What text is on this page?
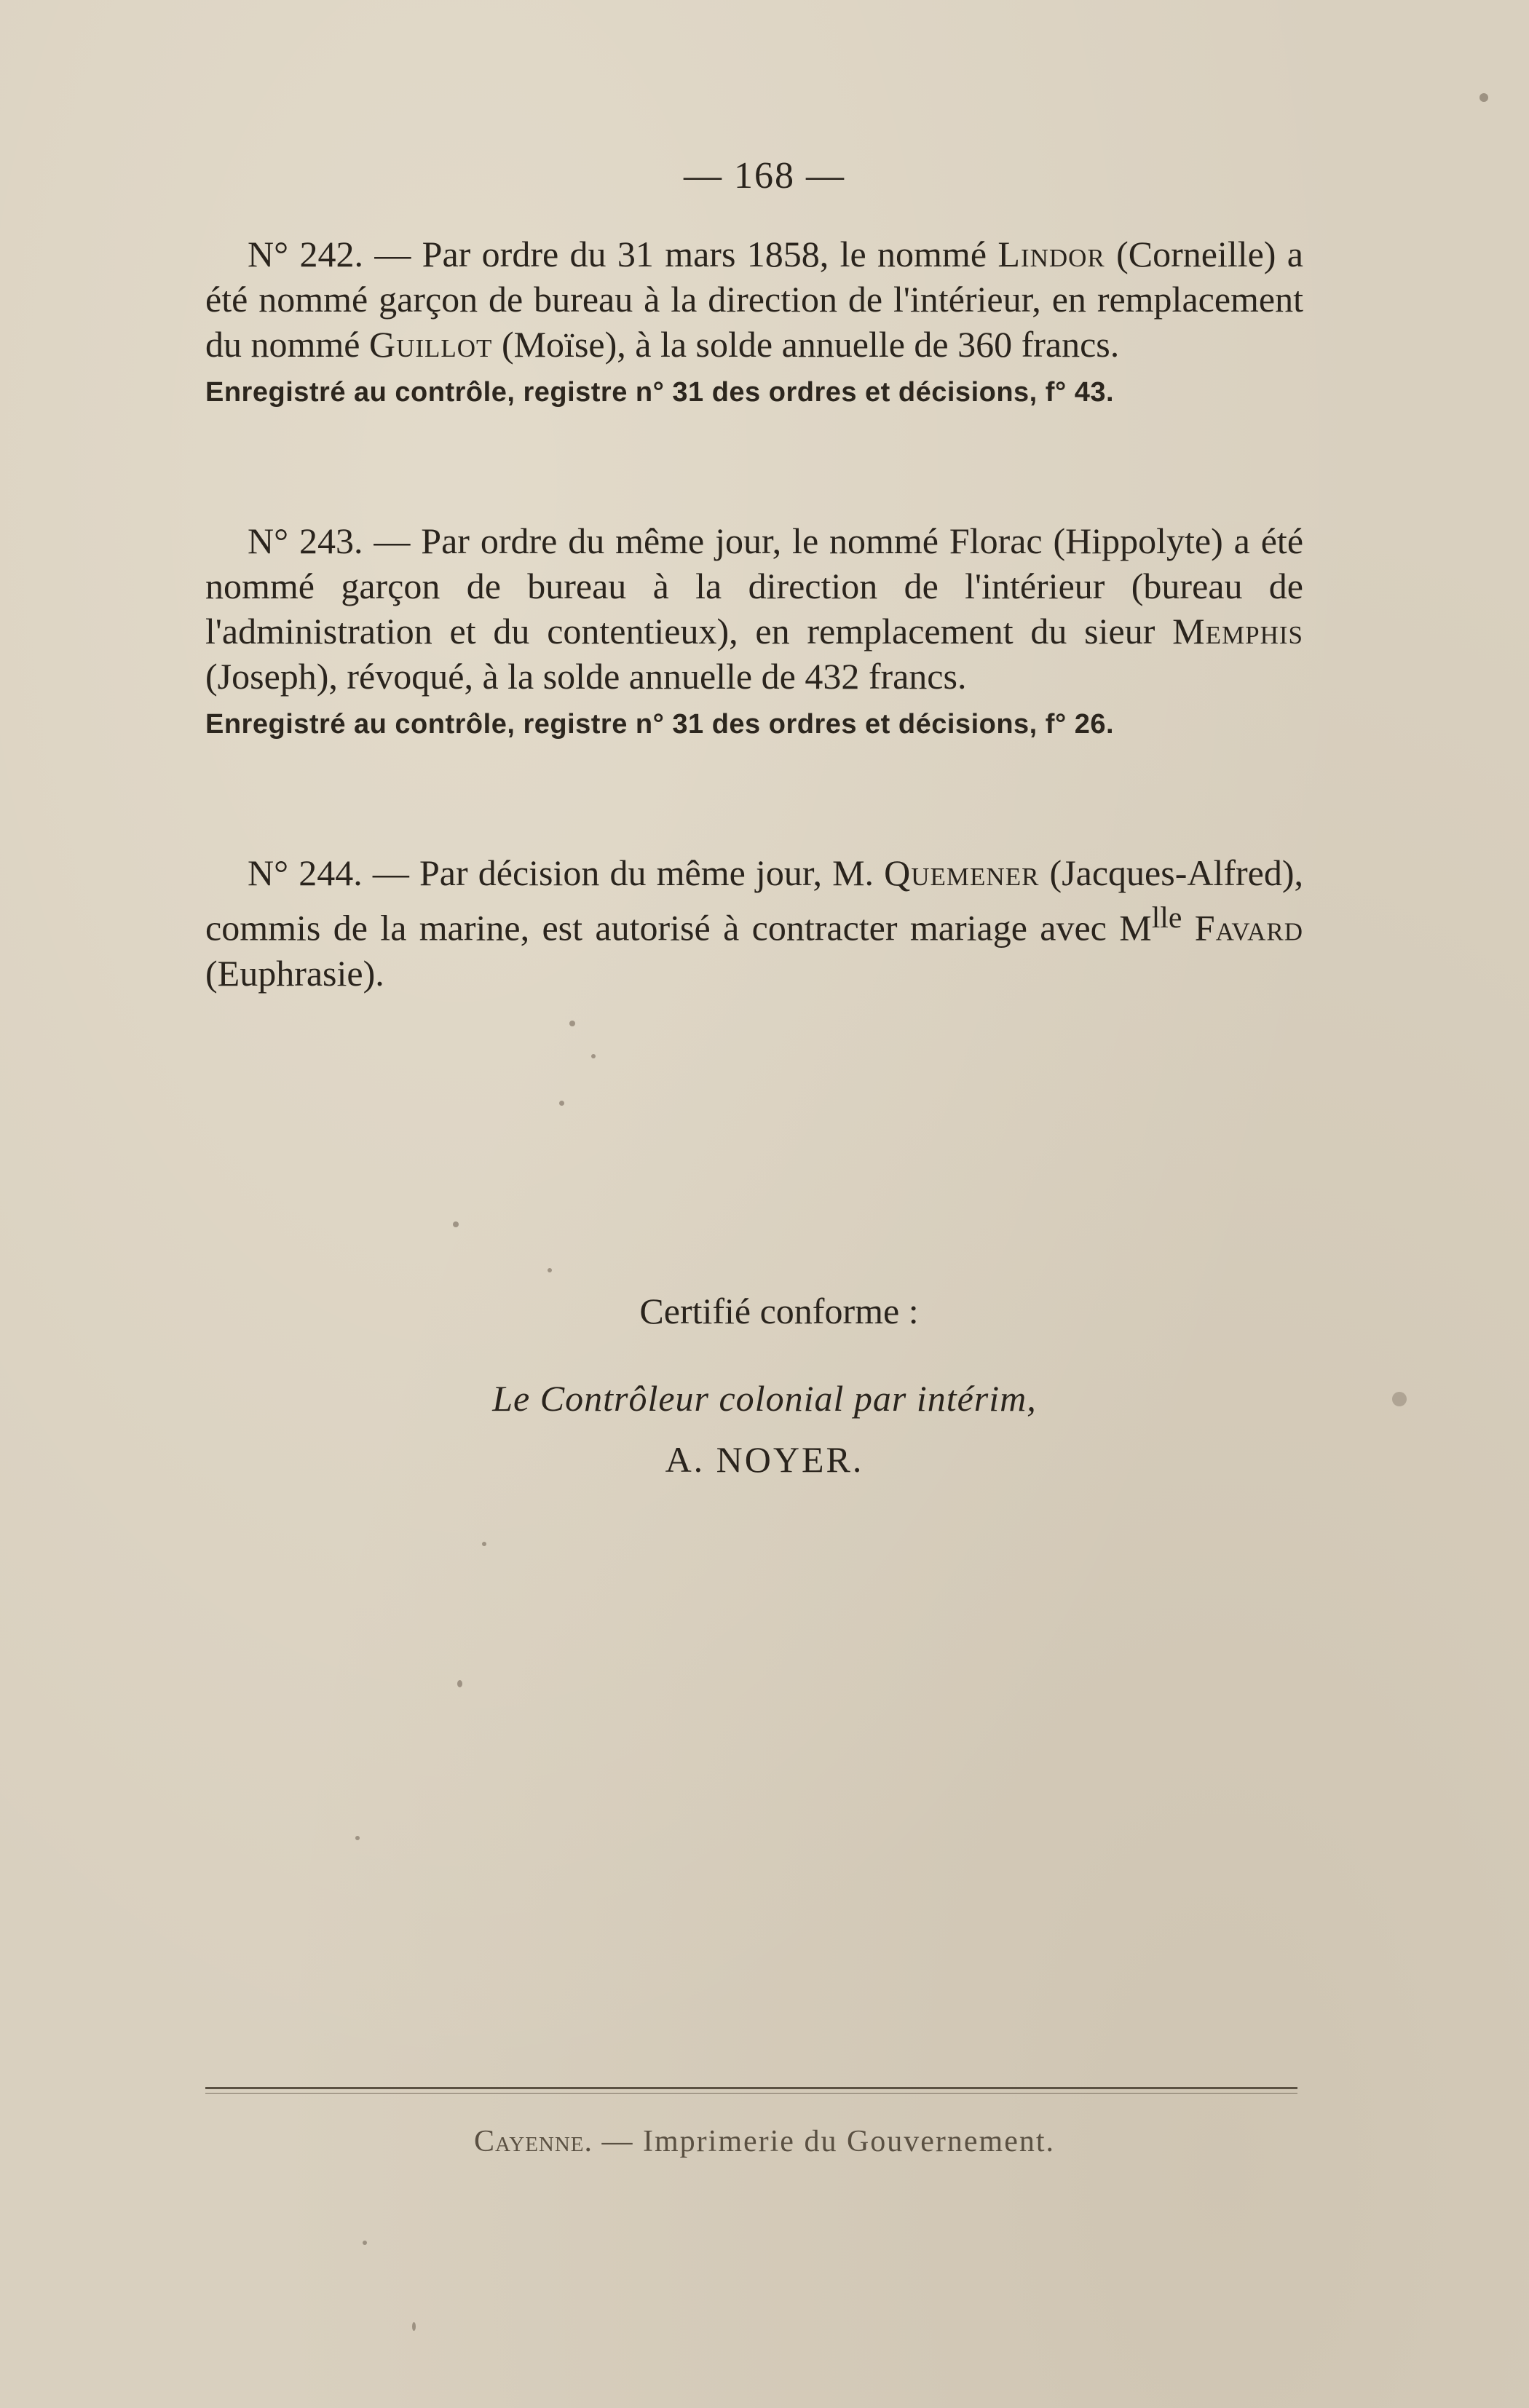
— 168 —

N° 242. — Par ordre du 31 mars 1858, le nommé Lindor (Corneille) a été nommé garçon de bureau à la direction de l'intérieur, en remplacement du nommé Guillot (Moïse), à la solde annuelle de 360 francs.

Enregistré au contrôle, registre n° 31 des ordres et décisions, f° 43.

N° 243. — Par ordre du même jour, le nommé Florac (Hippolyte) a été nommé garçon de bureau à la direction de l'intérieur (bureau de l'administration et du contentieux), en remplacement du sieur Memphis (Joseph), révoqué, à la solde annuelle de 432 francs.

Enregistré au contrôle, registre n° 31 des ordres et décisions, f° 26.

N° 244. — Par décision du même jour, M. Quemener (Jacques-Alfred), commis de la marine, est autorisé à contracter mariage avec $M^{lle}$ Favard (Euphrasie).

Certifié conforme :

Le Contrôleur colonial par intérim,

A. NOYER.

Cayenne. — Imprimerie du Gouvernement.
